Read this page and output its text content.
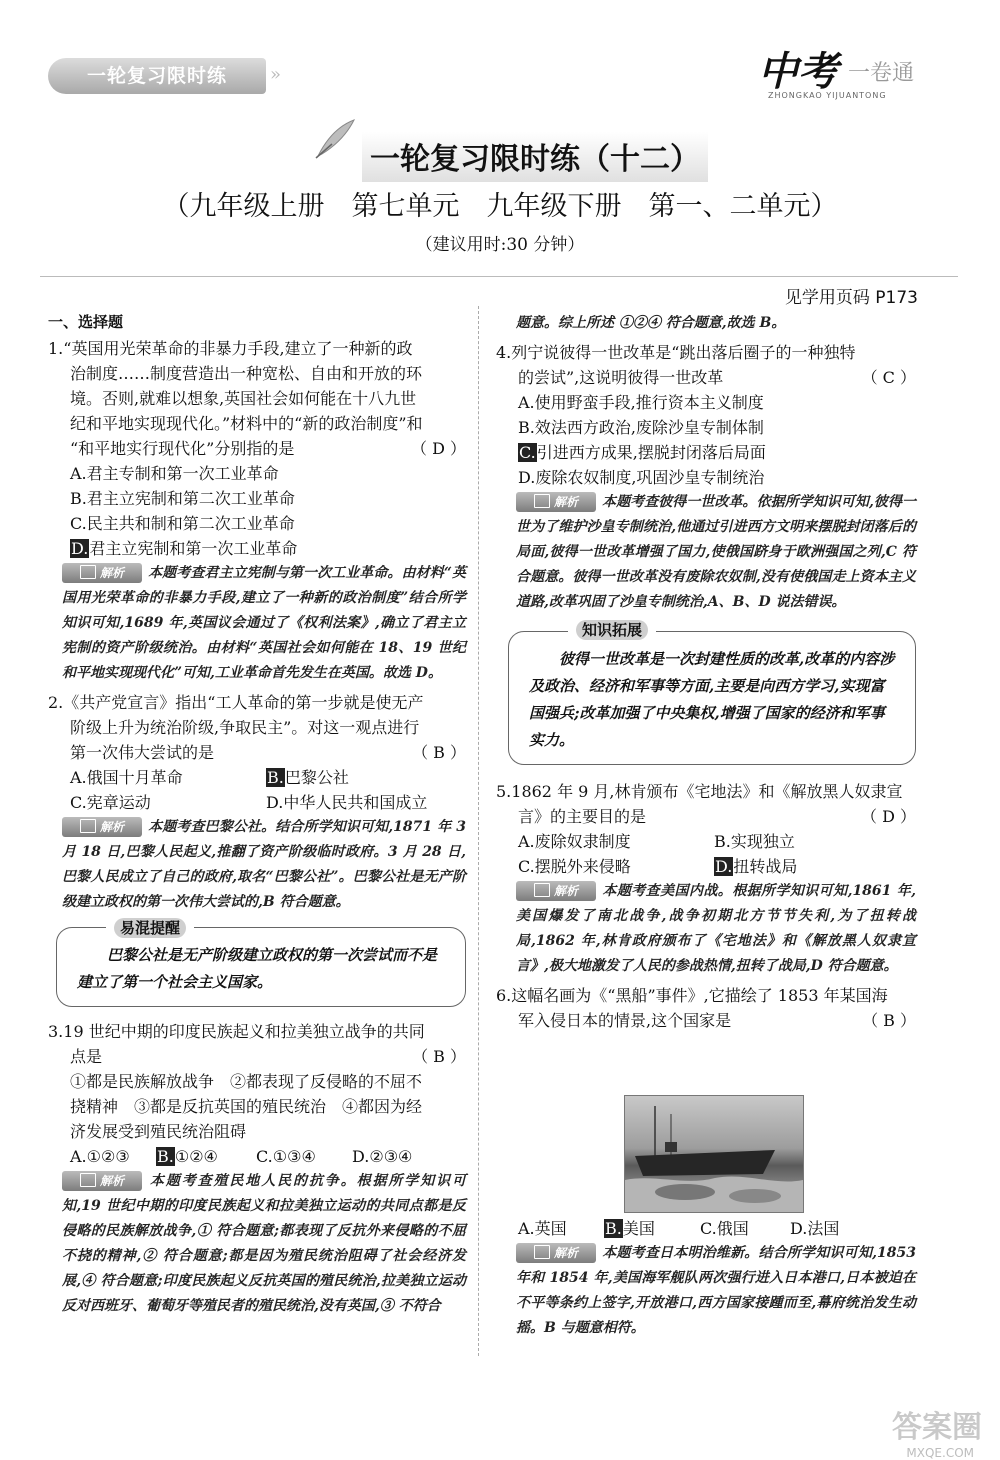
一轮复习限时练	»	中考 一卷通
ZHONGKAO YIJUANTONG
一轮复习限时练（十二）
（九年级上册　第七单元　九年级下册　第一、二单元）
（建议用时:30 分钟）
见学用页码 P173
一、选择题
1.“英国用光荣革命的非暴力手段,建立了一种新的政
治制度……制度营造出一种宽松、自由和开放的环
境。否则,就难以想象,英国社会如何能在十八九世
纪和平地实现现代化。”材料中的“新的政治制度”和
“和平地实行现代化”分别指的是	（ D ）
A.君主专制和第一次工业革命
B.君主立宪制和第二次工业革命
C.民主共和制和第二次工业革命
D.君主立宪制和第一次工业革命
解析 本题考查君主立宪制与第一次工业革命。由材料“英国用光荣革命的非暴力手段,建立了一种新的政治制度”结合所学知识可知,1689 年,英国议会通过了《权利法案》,确立了君主立宪制的资产阶级统治。由材料“英国社会如何能在 18、19 世纪和平地实现现代化”可知,工业革命首先发生在英国。故选 D。
2.《共产党宣言》指出“工人革命的第一步就是使无产
阶级上升为统治阶级,争取民主”。对这一观点进行
第一次伟大尝试的是	（ B ）
A.俄国十月革命	B.巴黎公社
C.宪章运动	D.中华人民共和国成立
解析 本题考查巴黎公社。结合所学知识可知,1871 年 3 月 18 日,巴黎人民起义,推翻了资产阶级临时政府。3 月 28 日,巴黎人民成立了自己的政府,取名“巴黎公社”。巴黎公社是无产阶级建立政权的第一次伟大尝试的,B 符合题意。
易混提醒
巴黎公社是无产阶级建立政权的第一次尝试而不是建立了第一个社会主义国家。
3.19 世纪中期的印度民族起义和拉美独立战争的共同
点是	（ B ）
①都是民族解放战争　②都表现了反侵略的不屈不
挠精神　③都是反抗英国的殖民统治　④都因为经
济发展受到殖民统治阻碍
A.①②③ B.①②④ C.①③④ D.②③④
解析 本题考查殖民地人民的抗争。根据所学知识可知,19 世纪中期的印度民族起义和拉美独立运动的共同点都是反侵略的民族解放战争,① 符合题意;都表现了反抗外来侵略的不屈不挠的精神,② 符合题意;都是因为殖民统治阻碍了社会经济发展,④ 符合题意;印度民族起义反抗英国的殖民统治,拉美独立运动反对西班牙、葡萄牙等殖民者的殖民统治,没有英国,③ 不符合
题意。综上所述 ①②④ 符合题意,故选 B。
4.列宁说彼得一世改革是“跳出落后圈子的一种独特
的尝试”,这说明彼得一世改革	（ C ）
A.使用野蛮手段,推行资本主义制度
B.效法西方政治,废除沙皇专制体制
C.引进西方成果,摆脱封闭落后局面
D.废除农奴制度,巩固沙皇专制统治
解析 本题考查彼得一世改革。依据所学知识可知,彼得一世为了维护沙皇专制统治,他通过引进西方文明来摆脱封闭落后的局面,彼得一世改革增强了国力,使俄国跻身于欧洲强国之列,C 符合题意。彼得一世改革没有废除农奴制,没有使俄国走上资本主义道路,改革巩固了沙皇专制统治,A、B、D 说法错误。
知识拓展
彼得一世改革是一次封建性质的改革,改革的内容涉及政治、经济和军事等方面,主要是向西方学习,实现富国强兵;改革加强了中央集权,增强了国家的经济和军事实力。
5.1862 年 9 月,林肯颁布《宅地法》和《解放黑人奴隶宣
言》的主要目的是	（ D ）
A.废除奴隶制度	B.实现独立
C.摆脱外来侵略	D.扭转战局
解析 本题考查美国内战。根据所学知识可知,1861 年,美国爆发了南北战争,战争初期北方节节失利,为了扭转战局,1862 年,林肯政府颁布了《宅地法》和《解放黑人奴隶宣言》,极大地激发了人民的参战热情,扭转了战局,D 符合题意。
6.这幅名画为《“黑船”事件》,它描绘了 1853 年某国海
军入侵日本的情景,这个国家是	（ B ）
A.英国 B.美国	C.俄国	D.法国
解析 本题考查日本明治维新。结合所学知识可知,1853 年和 1854 年,美国海军舰队两次强行进入日本港口,日本被迫在不平等条约上签字,开放港口,西方国家接踵而至,幕府统治发生动摇。B 与题意相符。
答案圈
MXQE.COM
